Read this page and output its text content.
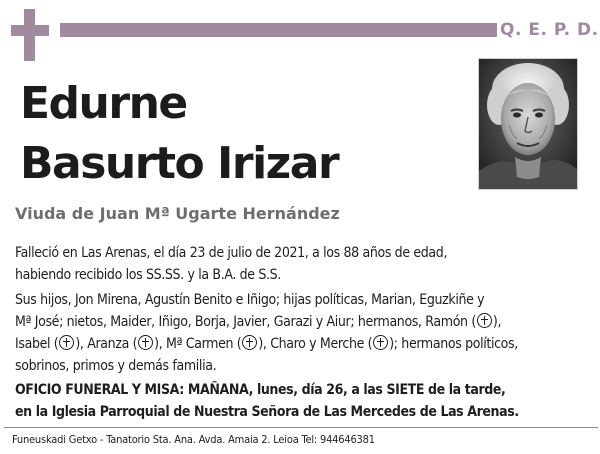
Q. E. P. D.
Edurne
Basurto Irizar
Viuda de Juan Mª Ugarte Hernández
Falleció en Las Arenas, el día 23 de julio de 2021, a los 88 años de edad,
habiendo recibido los SS.SS. y la B.A. de S.S.
Sus hijos, Jon Mirena, Agustín Benito e Iñigo; hijas políticas, Marian, Eguzkiñe y
Mª José; nietos, Maider, Iñigo, Borja, Javier, Garazi y Aiur; hermanos, Ramón ( ),
Isabel ( ), Aranza ( ), Mª Carmen ( ), Charo y Merche ( ); hermanos políticos,
sobrinos, primos y demás familia.
OFICIO FUNERAL Y MISA: MAÑANA, lunes, día 26, a las SIETE de la tarde,
en la Iglesia Parroquial de Nuestra Señora de Las Mercedes de Las Arenas.
Funeuskadi Getxo - Tanatorio Sta. Ana. Avda. Amaia 2. Leioa Tel: 944646381
